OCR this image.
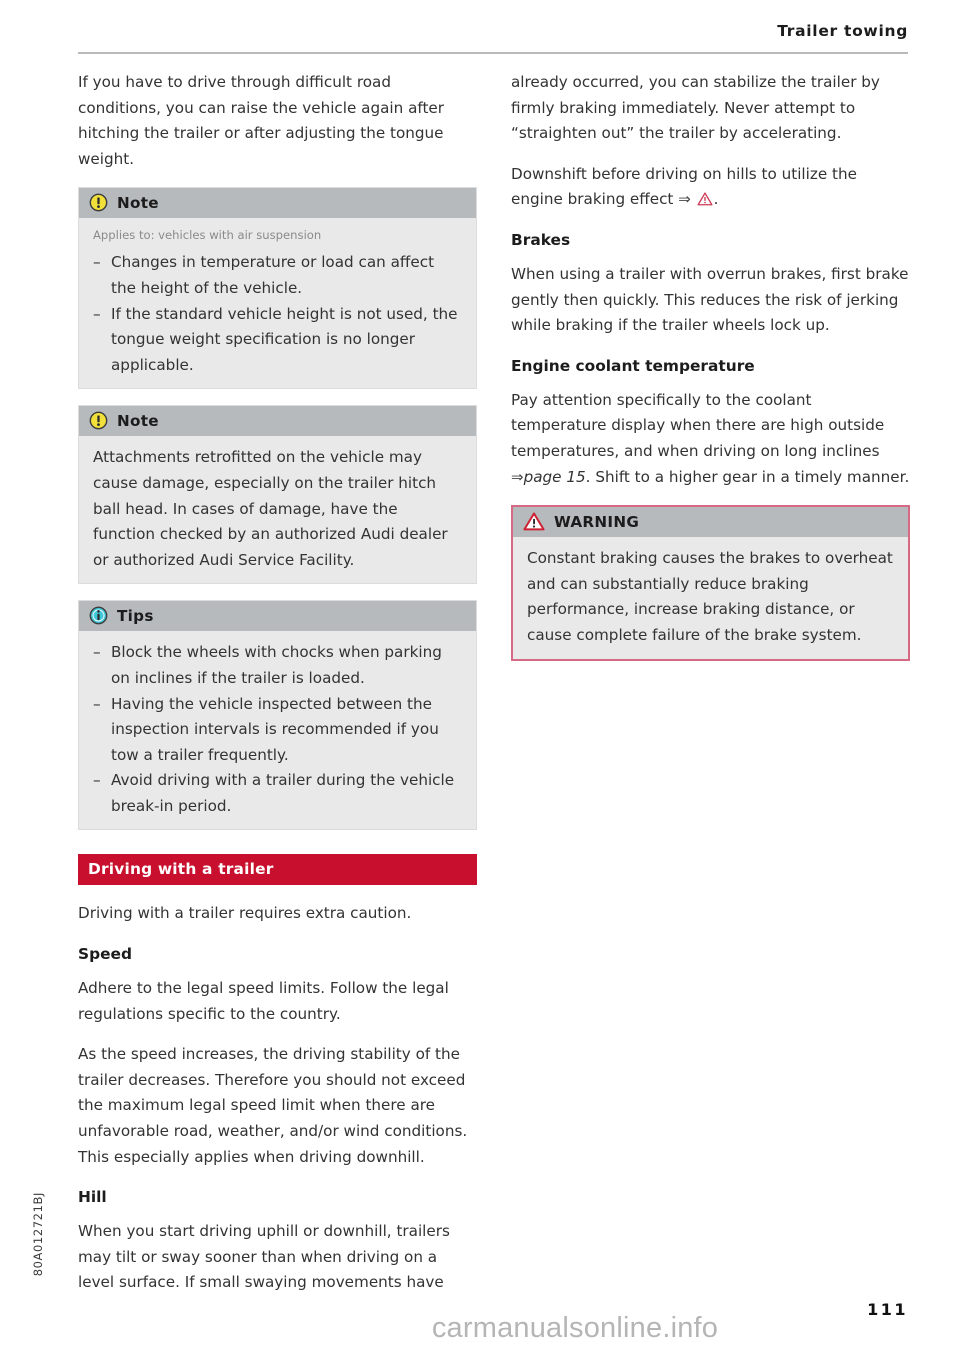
Trailer towing

If you have to drive through difficult road conditions, you can raise the vehicle again after hitching the trailer or after adjusting the tongue weight.

Note
Applies to: vehicles with air suspension
– Changes in temperature or load can affect the height of the vehicle.
– If the standard vehicle height is not used, the tongue weight specification is no longer applicable.
Note

Attachments retrofitted on the vehicle may cause damage, especially on the trailer hitch ball head. In cases of damage, have the function checked by an authorized Audi dealer or authorized Audi Service Facility.

Tips
– Block the wheels with chocks when parking on inclines if the trailer is loaded.
– Having the vehicle inspected between the inspection intervals is recommended if you tow a trailer frequently.
– Avoid driving with a trailer during the vehicle break-in period.
Driving with a trailer

Driving with a trailer requires extra caution.

Speed

Adhere to the legal speed limits. Follow the legal regulations specific to the country.

As the speed increases, the driving stability of the trailer decreases. Therefore you should not exceed the maximum legal speed limit when there are unfavorable road, weather, and/or wind conditions. This especially applies when driving downhill.

Hill

When you start driving uphill or downhill, trailers may tilt or sway sooner than when driving on a level surface. If small swaying movements have

already occurred, you can stabilize the trailer by firmly braking immediately. Never attempt to “straighten out” the trailer by accelerating.

Downshift before driving on hills to utilize the engine braking effect ⇒ .

Brakes

When using a trailer with overrun brakes, first brake gently then quickly. This reduces the risk of jerking while braking if the trailer wheels lock up.

Engine coolant temperature

Pay attention specifically to the coolant temperature display when there are high outside temperatures, and when driving on long inclines ⇒page 15. Shift to a higher gear in a timely manner.

WARNING

Constant braking causes the brakes to overheat and can substantially reduce braking performance, increase braking distance, or cause complete failure of the brake system.

80A012721BJ
111
carmanualsonline.info
